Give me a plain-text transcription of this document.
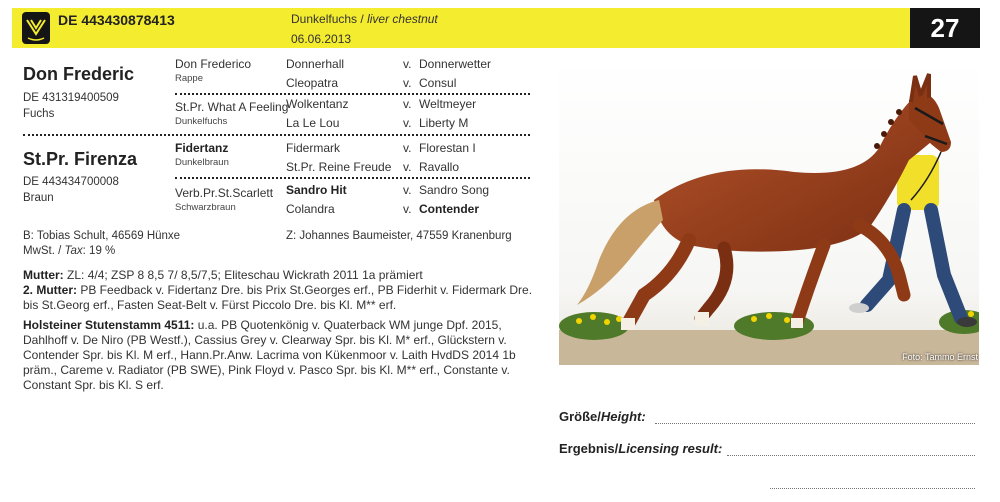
DE 443430878413	Dunkelfuchs / liver chestnut
06.06.2013	27
Don Frederic
DE 431319400509
Fuchs
Don Frederico
Rappe
Donnerhall
Cleopatra
v. Donnerwetter
v. Consul
St.Pr. What A Feeling
Dunkelfuchs
Wolkentanz
La Le Lou
v. Weltmeyer
v. Liberty M
St.Pr. Firenza
DE 443434700008
Braun
Fidertanz
Dunkelbraun
Fidermark
St.Pr. Reine Freude
v. Florestan I
v. Ravallo
Verb.Pr.St.Scarlett
Schwarzbraun
Sandro Hit
Colandra
v. Sandro Song
v. Contender
B: Tobias Schult, 46569 Hünxe
MwSt. / Tax: 19 %
Z: Johannes Baumeister, 47559 Kranenburg
Mutter: ZL: 4/4; ZSP 8 8,5 7/ 8,5/7,5; Eliteschau Wickrath 2011 1a prämiert
2. Mutter: PB Feedback v. Fidertanz Dre. bis Prix St.Georges erf., PB Fiderhit v. Fidermark Dre. bis St.Georg erf., Fasten Seat-Belt v. Fürst Piccolo Dre. bis Kl. M** erf.
Holsteiner Stutenstamm 4511: u.a. PB Quotenkönig v. Quaterback WM junge Dpf. 2015, Dahlhoff v. De Niro (PB Westf.), Cassius Grey v. Clearway Spr. bis Kl. M* erf., Glückstern v. Contender Spr. bis Kl. M erf., Hann.Pr.Anw. Lacrima von Kükenmoor v. Laith HvdDS 2014 1b präm., Careme v. Radiator (PB SWE), Pink Floyd v. Pasco Spr. bis Kl. M** erf., Constante v. Constant Spr. bis Kl. S erf.
Foto: Tammo Ernst
Größe/Height:
Ergebnis/Licensing result:
